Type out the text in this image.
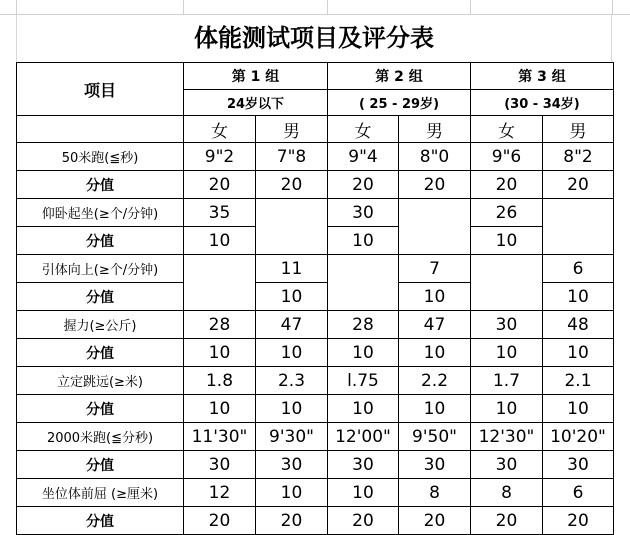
体能测试项目及评分表
项目	第 1 组		第 2 组		第 3 组	
	24岁以下		( 25 - 29岁)		(30 - 34岁)	
	女	男	女	男	女	男
50米跑(≦秒)	9"2	7"8	9"4	8"0	9"6	8"2
分值	20	20	20	20	20	20
仰卧起坐(≥个/分钟)	35		30		26	
分值	10		10		10	
引体向上(≥个/分钟)		11		7		6
分值		10		10		10
握力(≥公斤)	28	47	28	47	30	48
分值	10	10	10	10	10	10
立定跳远(≥米)	1.8	2.3	l.75	2.2	1.7	2.1
分值	10	10	10	10	10	10
2000米跑(≦分秒)	11'30"	9'30"	12'00"	9'50"	12'30"	10'20"
分值	30	30	30	30	30	30
坐位体前屈 (≥厘米)	12	10	10	8	8	6
分值	20	20	20	20	20	20
